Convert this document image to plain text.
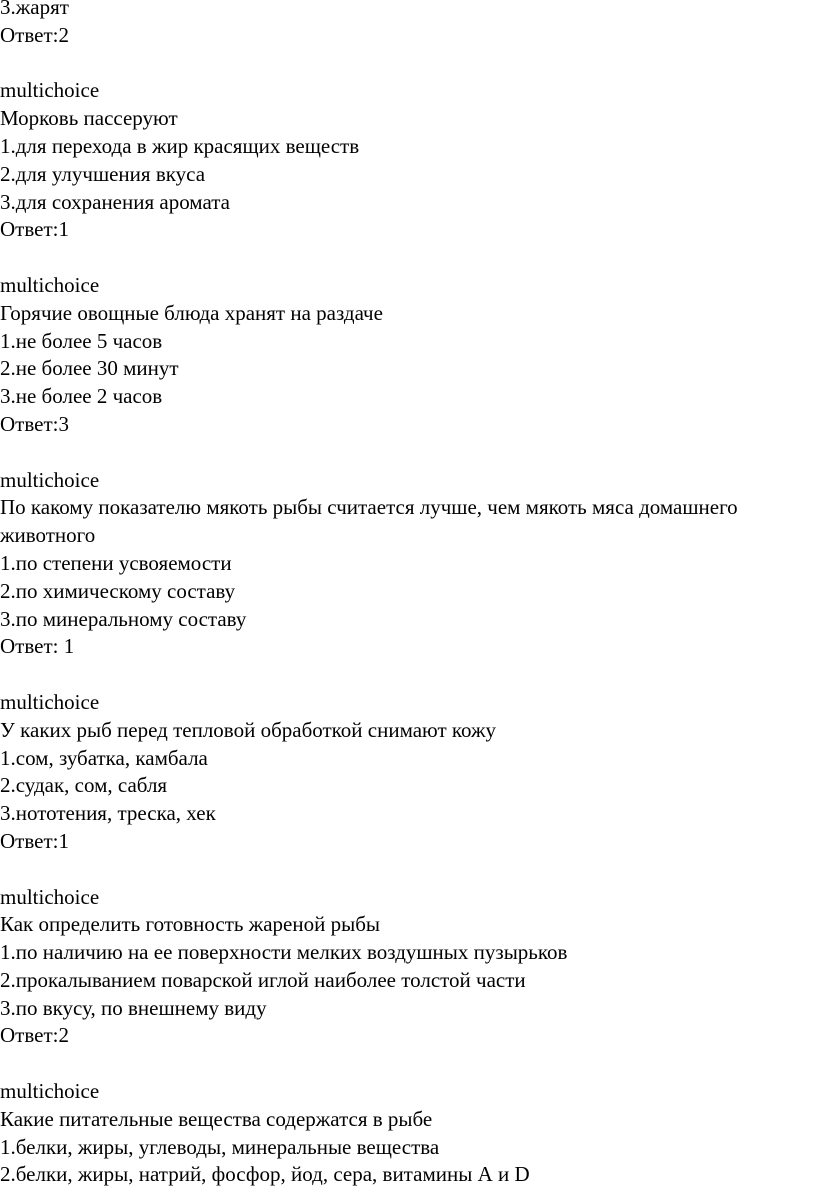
3.жарят
Ответ:2
multichoice
Морковь пассеруют
1.для перехода в жир красящих веществ
2.для улучшения вкуса
3.для сохранения аромата
Ответ:1
multichoice
Горячие овощные блюда хранят на раздаче
1.не более 5 часов
2.не более 30 минут
3.не более 2 часов
Ответ:3
multichoice
По какому показателю мякоть рыбы считается лучше, чем мякоть мяса домашнего животного
1.по степени усвояемости
2.по химическому составу
3.по минеральному составу
Ответ: 1
multichoice
У каких рыб перед тепловой обработкой снимают кожу
1.сом, зубатка, камбала
2.судак, сом, сабля
3.нототения, треска, хек
Ответ:1
multichoice
Как определить готовность жареной рыбы
1.по наличию на ее поверхности мелких воздушных пузырьков
2.прокалыванием поварской иглой наиболее толстой части
3.по вкусу, по внешнему виду
Ответ:2
multichoice
Какие питательные вещества содержатся в рыбе
1.белки, жиры, углеводы, минеральные вещества
2.белки, жиры, натрий, фосфор, йод, сера, витамины А и D
